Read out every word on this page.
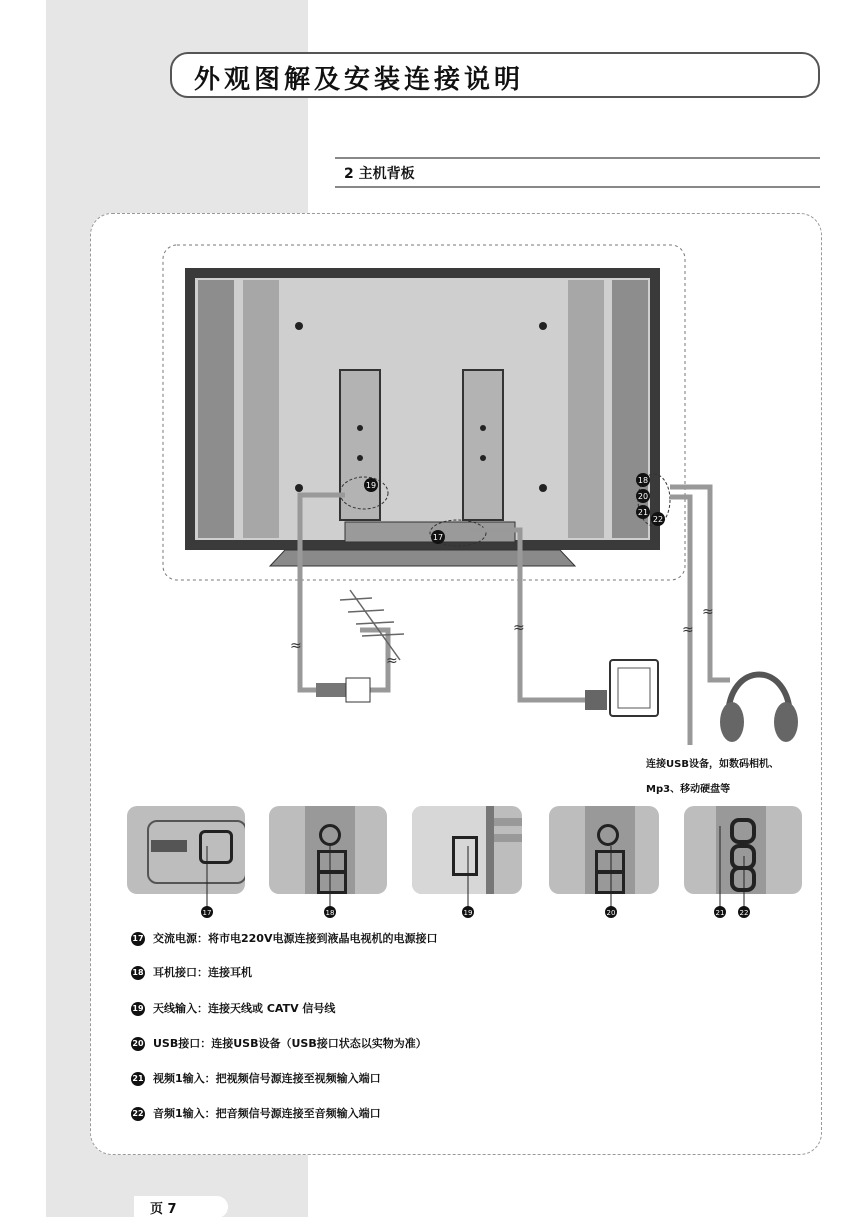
外观图解及安装连接说明
2 主机背板
≈
≈	≈
≈
≈
18
20
21
22
19
17
连接USB设备，如数码相机、
Mp3、移动硬盘等
17	18	19	20	21 22
17 交流电源：将市电220V电源连接到液晶电视机的电源接口
18 耳机接口：连接耳机
19 天线输入：连接天线或 CATV 信号线
20 USB接口：连接USB设备（USB接口状态以实物为准）
21 视频1输入：把视频信号源连接至视频输入端口
22 音频1输入：把音频信号源连接至音频输入端口
页 7
